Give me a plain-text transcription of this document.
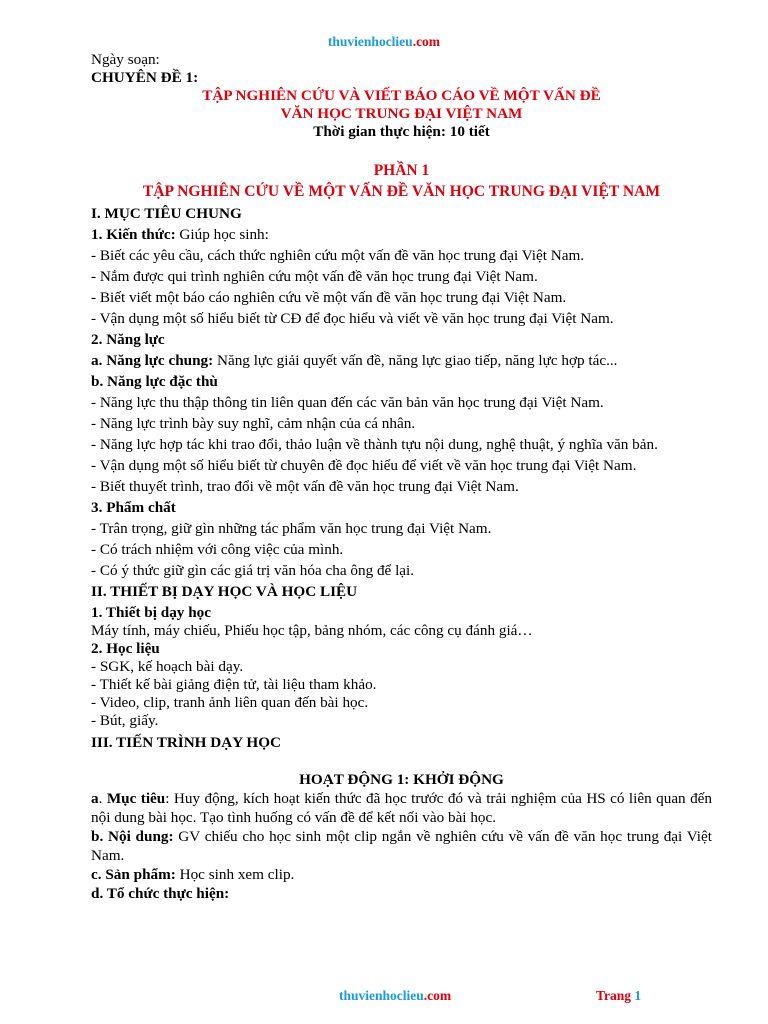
thuvienhoclieu.com
Ngày soạn:
CHUYÊN ĐỀ 1:
TẬP NGHIÊN CỨU VÀ VIẾT BÁO CÁO VỀ MỘT VẤN ĐỀ
VĂN HỌC TRUNG ĐẠI VIỆT NAM
Thời gian thực hiện: 10 tiết
PHẦN 1
TẬP NGHIÊN CỨU VỀ MỘT VẤN ĐỀ VĂN HỌC TRUNG ĐẠI VIỆT NAM
I. MỤC TIÊU CHUNG
1. Kiến thức: Giúp học sinh:
- Biết các yêu cầu, cách thức nghiên cứu một vấn đề văn học trung đại Việt Nam.
- Nắm được qui trình nghiên cứu một vấn đề văn học trung đại Việt Nam.
- Biết viết một báo cáo nghiên cứu về một vấn đề văn học trung đại Việt Nam.
- Vận dụng một số hiểu biết từ CĐ để đọc hiểu và viết về văn học trung đại Việt Nam.
2. Năng lực
a. Năng lực chung: Năng lực giải quyết vấn đề, năng lực giao tiếp, năng lực hợp tác...
b. Năng lực đặc thù
- Năng lực thu thập thông tin liên quan đến các văn bản văn học trung đại Việt Nam.
- Năng lực trình bày suy nghĩ, cảm nhận của cá nhân.
- Năng lực hợp tác khi trao đổi, thảo luận về thành tựu nội dung, nghệ thuật, ý nghĩa văn bản.
- Vận dụng một số hiểu biết từ chuyên đề đọc hiểu để viết về văn học trung đại Việt Nam.
- Biết thuyết trình, trao đổi về một vấn đề văn học trung đại Việt Nam.
3. Phẩm chất
- Trân trọng, giữ gìn những tác phẩm văn học trung đại Việt Nam.
- Có trách nhiệm với công việc của mình.
- Có ý thức giữ gìn các giá trị văn hóa cha ông để lại.
II. THIẾT BỊ DẠY HỌC VÀ HỌC LIỆU
1. Thiết bị dạy học
Máy tính, máy chiếu, Phiếu học tập, bảng nhóm, các công cụ đánh giá…
2. Học liệu
- SGK, kế hoạch bài dạy.
- Thiết kế bài giảng điện tử, tài liệu tham khảo.
- Video, clip, tranh ảnh liên quan đến bài học.
- Bút, giấy.
III. TIẾN TRÌNH DẠY HỌC
HOẠT ĐỘNG 1: KHỞI ĐỘNG
a. Mục tiêu: Huy động, kích hoạt kiến thức đã học trước đó và trải nghiệm của HS có liên quan đến nội dung bài học. Tạo tình huống có vấn đề để kết nối vào bài học.
b. Nội dung: GV chiếu cho học sinh một clip ngắn về nghiên cứu về vấn đề văn học trung đại Việt Nam.
c. Sản phẩm: Học sinh xem clip.
d. Tổ chức thực hiện:
thuvienhoclieu.com	Trang 1
